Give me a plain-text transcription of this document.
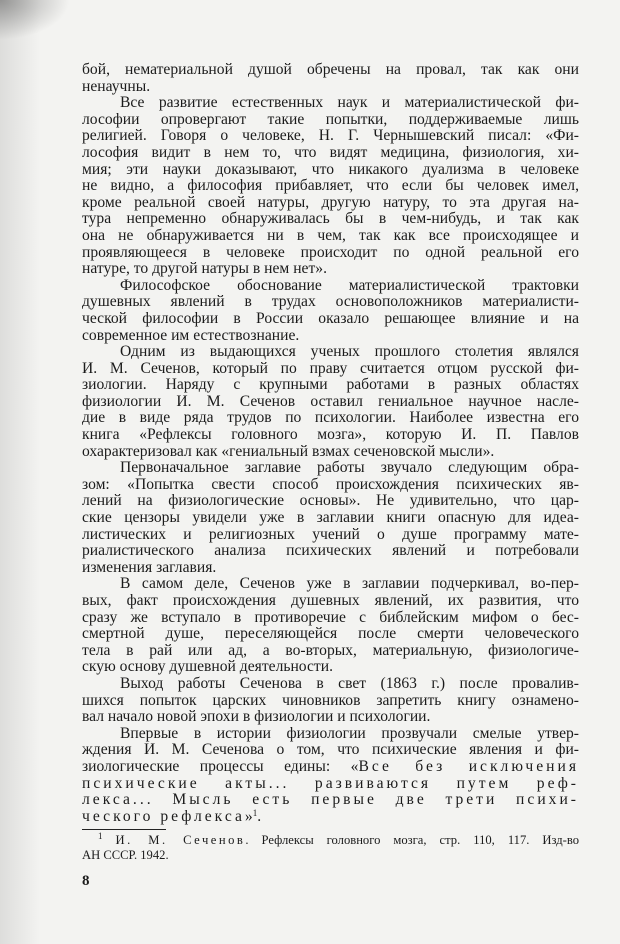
бой, нематериальной душой обречены на провал, так как они
ненаучны.
Все развитие естественных наук и материалистической фи-
лософии опровергают такие попытки, поддерживаемые лишь
религией. Говоря о человеке, Н. Г. Чернышевский писал: «Фи-
лософия видит в нем то, что видят медицина, физиология, хи-
мия; эти науки доказывают, что никакого дуализма в человеке
не видно, а философия прибавляет, что если бы человек имел,
кроме реальной своей натуры, другую натуру, то эта другая на-
тура непременно обнаруживалась бы в чем-нибудь, и так как
она не обнаруживается ни в чем, так как все происходящее и
проявляющееся в человеке происходит по одной реальной его
натуре, то другой натуры в нем нет».
Философское обоснование материалистической трактовки
душевных явлений в трудах основоположников материалисти-
ческой философии в России оказало решающее влияние и на
современное им естествознание.
Одним из выдающихся ученых прошлого столетия являлся
И. М. Сеченов, который по праву считается отцом русской фи-
зиологии. Наряду с крупными работами в разных областях
физиологии И. М. Сеченов оставил гениальное научное насле-
дие в виде ряда трудов по психологии. Наиболее известна его
книга «Рефлексы головного мозга», которую И. П. Павлов
охарактеризовал как «гениальный взмах сеченовской мысли».
Первоначальное заглавие работы звучало следующим обра-
зом: «Попытка свести способ происхождения психических яв-
лений на физиологические основы». Не удивительно, что цар-
ские цензоры увидели уже в заглавии книги опасную для идеа-
листических и религиозных учений о душе программу мате-
риалистического анализа психических явлений и потребовали
изменения заглавия.
В самом деле, Сеченов уже в заглавии подчеркивал, во-пер-
вых, факт происхождения душевных явлений, их развития, что
сразу же вступало в противоречие с библейским мифом о бес-
смертной душе, переселяющейся после смерти человеческого
тела в рай или ад, а во-вторых, материальную, физиологиче-
скую основу душевной деятельности.
Выход работы Сеченова в свет (1863 г.) после провалив-
шихся попыток царских чиновников запретить книгу ознамено-
вал начало новой эпохи в физиологии и психологии.
Впервые в истории физиологии прозвучали смелые утвер-
ждения И. М. Сеченова о том, что психические явления и фи-
зиологические процессы едины: «Все без исключения
психические акты... развиваются путем реф-
лекса... Мысль есть первые две трети психи-
ческого рефлекса»$^1$.
$^1$ И. М. Сеченов. Рефлексы головного мозга, стр. 110, 117. Изд-во
АН СССР. 1942.
8
